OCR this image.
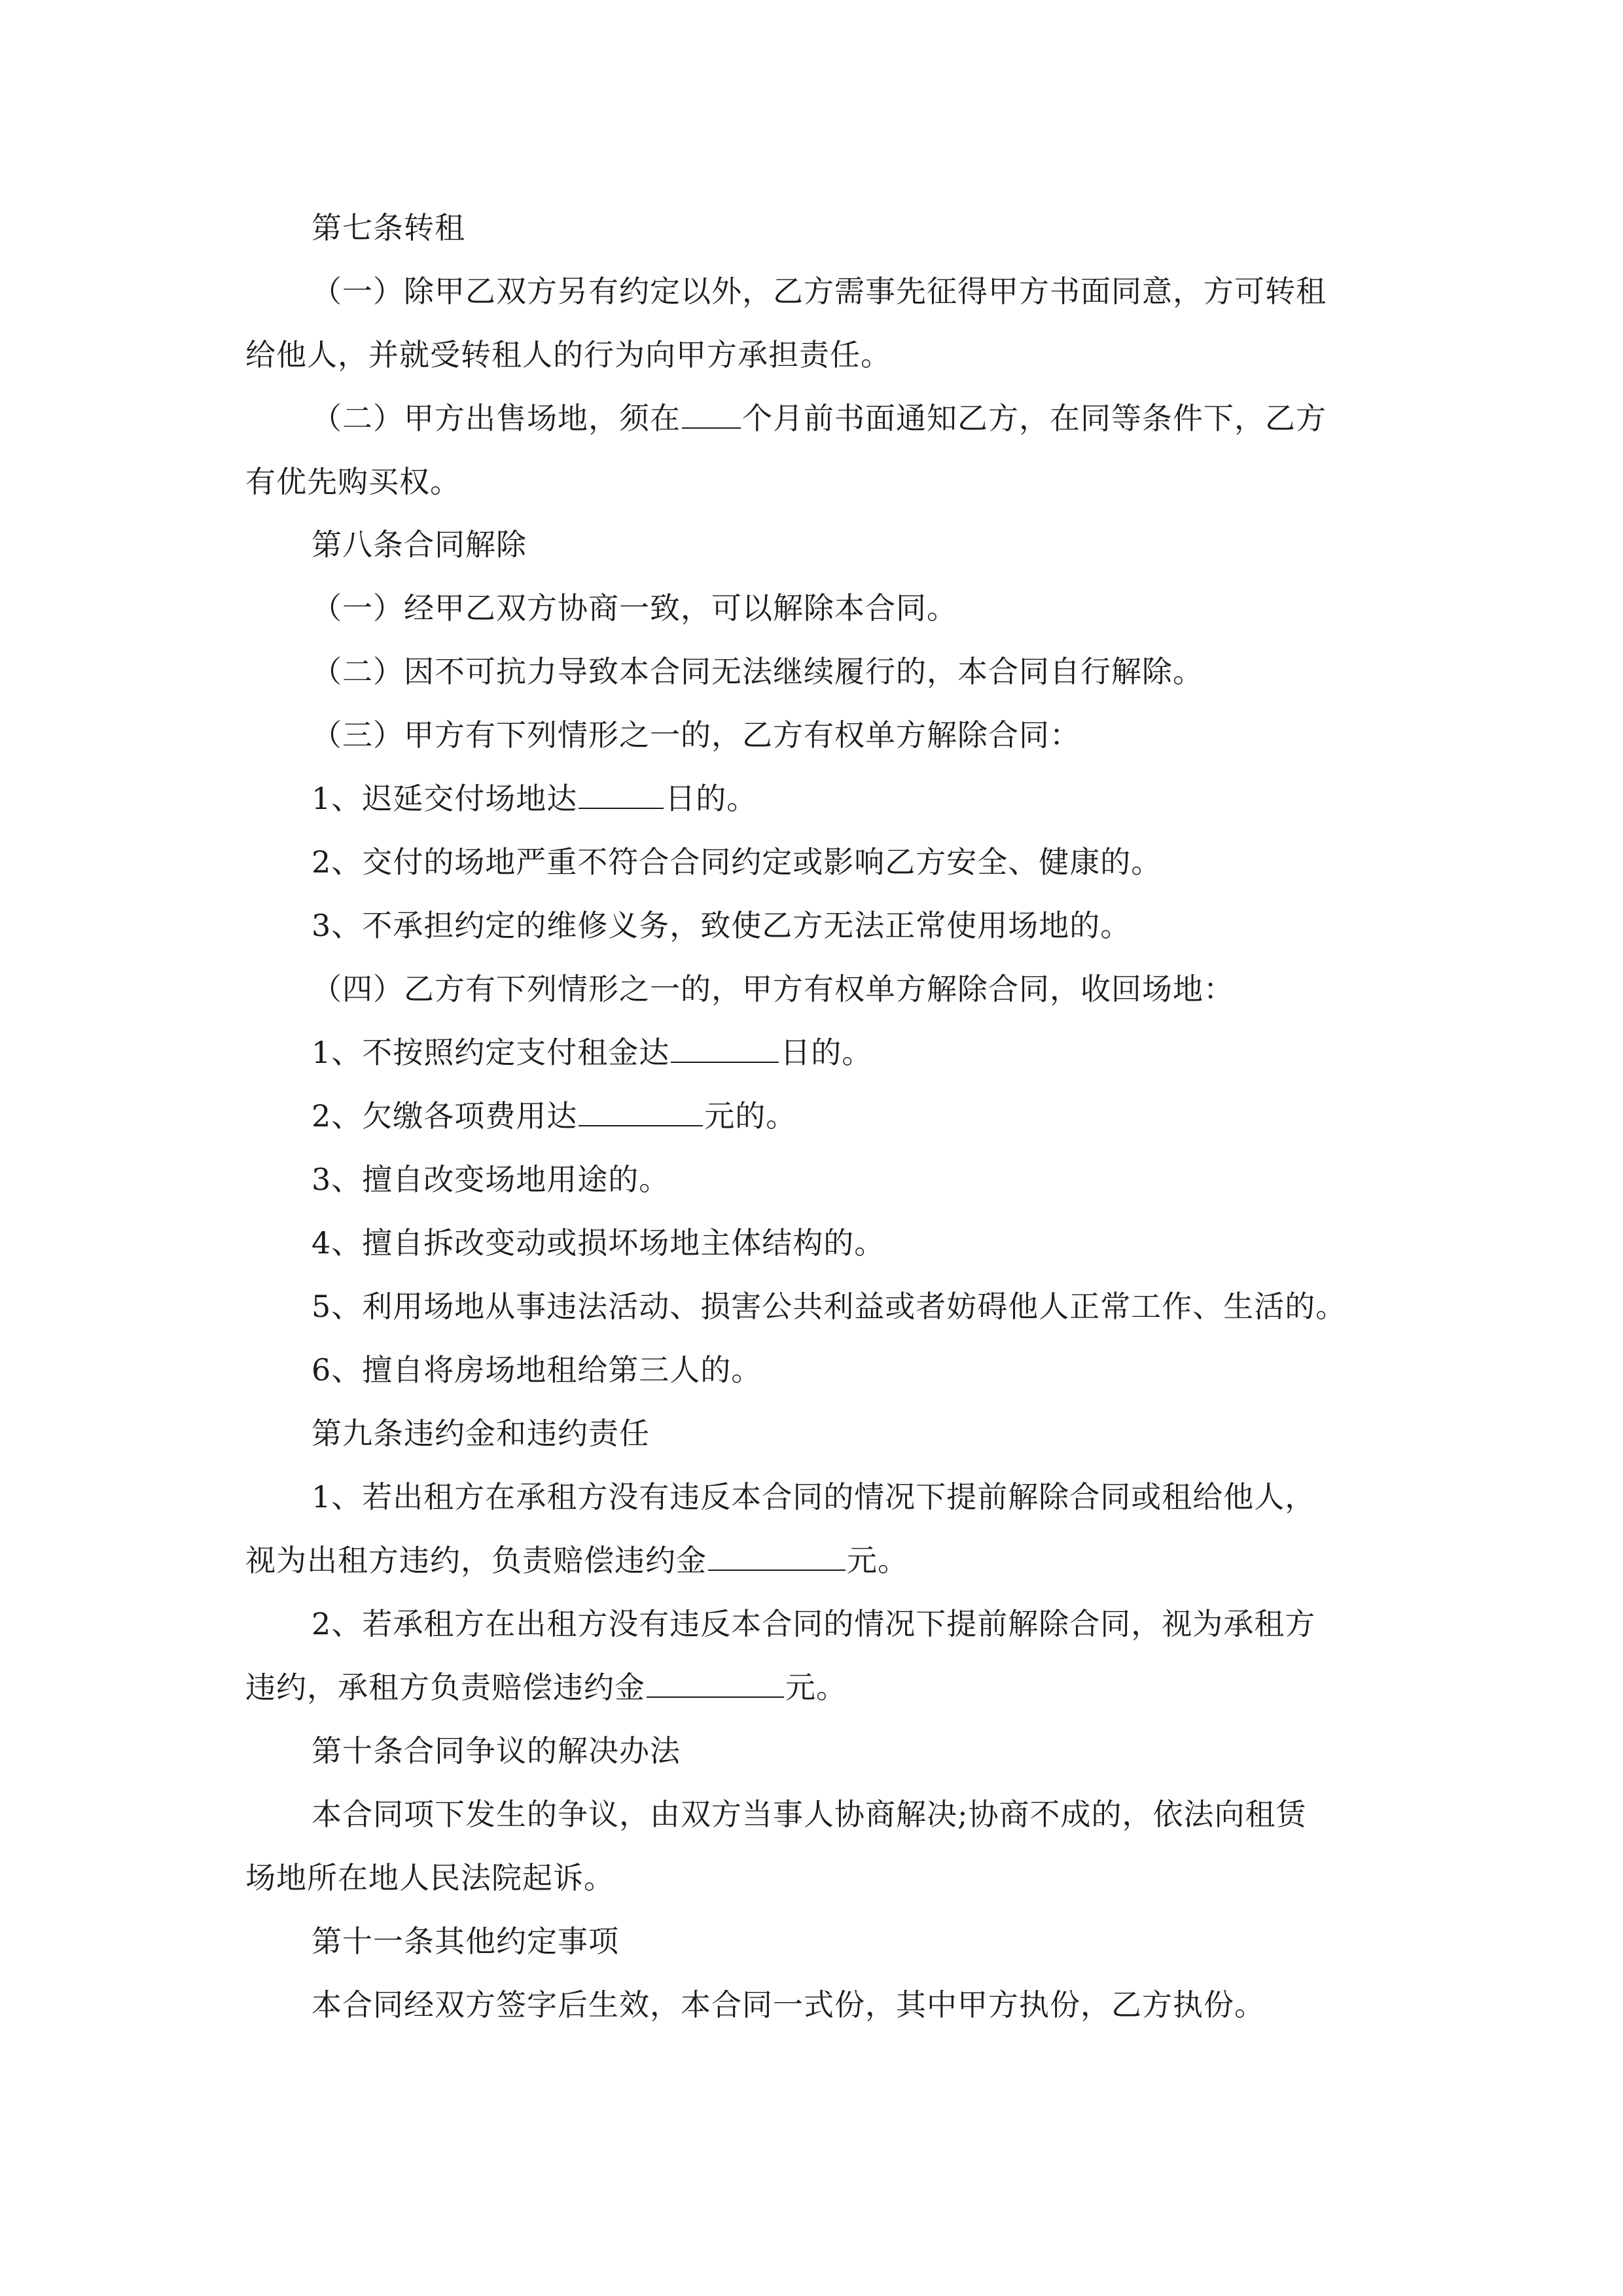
第七条转租
（一）除甲乙双方另有约定以外，乙方需事先征得甲方书面同意，方可转租
给他人，并就受转租人的行为向甲方承担责任。
（二）甲方出售场地，须在 个月前书面通知乙方，在同等条件下，乙方
有优先购买权。
第八条合同解除
（一）经甲乙双方协商一致，可以解除本合同。
（二）因不可抗力导致本合同无法继续履行的，本合同自行解除。
（三）甲方有下列情形之一的，乙方有权单方解除合同：
1、迟延交付场地达	日的。
2、交付的场地严重不符合合同约定或影响乙方安全、健康的。
3、不承担约定的维修义务，致使乙方无法正常使用场地的。
（四）乙方有下列情形之一的，甲方有权单方解除合同，收回场地：
1、不按照约定支付租金达	日的。
2、欠缴各项费用达	元的。
3、擅自改变场地用途的。
4、擅自拆改变动或损坏场地主体结构的。
5、利用场地从事违法活动、损害公共利益或者妨碍他人正常工作、生活的。
6、擅自将房场地租给第三人的。
第九条违约金和违约责任
1、若出租方在承租方没有违反本合同的情况下提前解除合同或租给他人，
视为出租方违约，负责赔偿违约金	元。
2、若承租方在出租方没有违反本合同的情况下提前解除合同，视为承租方
违约，承租方负责赔偿违约金	元。
第十条合同争议的解决办法
本合同项下发生的争议，由双方当事人协商解决;协商不成的，依法向租赁
场地所在地人民法院起诉。
第十一条其他约定事项
本合同经双方签字后生效，本合同一式份，其中甲方执份，乙方执份。
